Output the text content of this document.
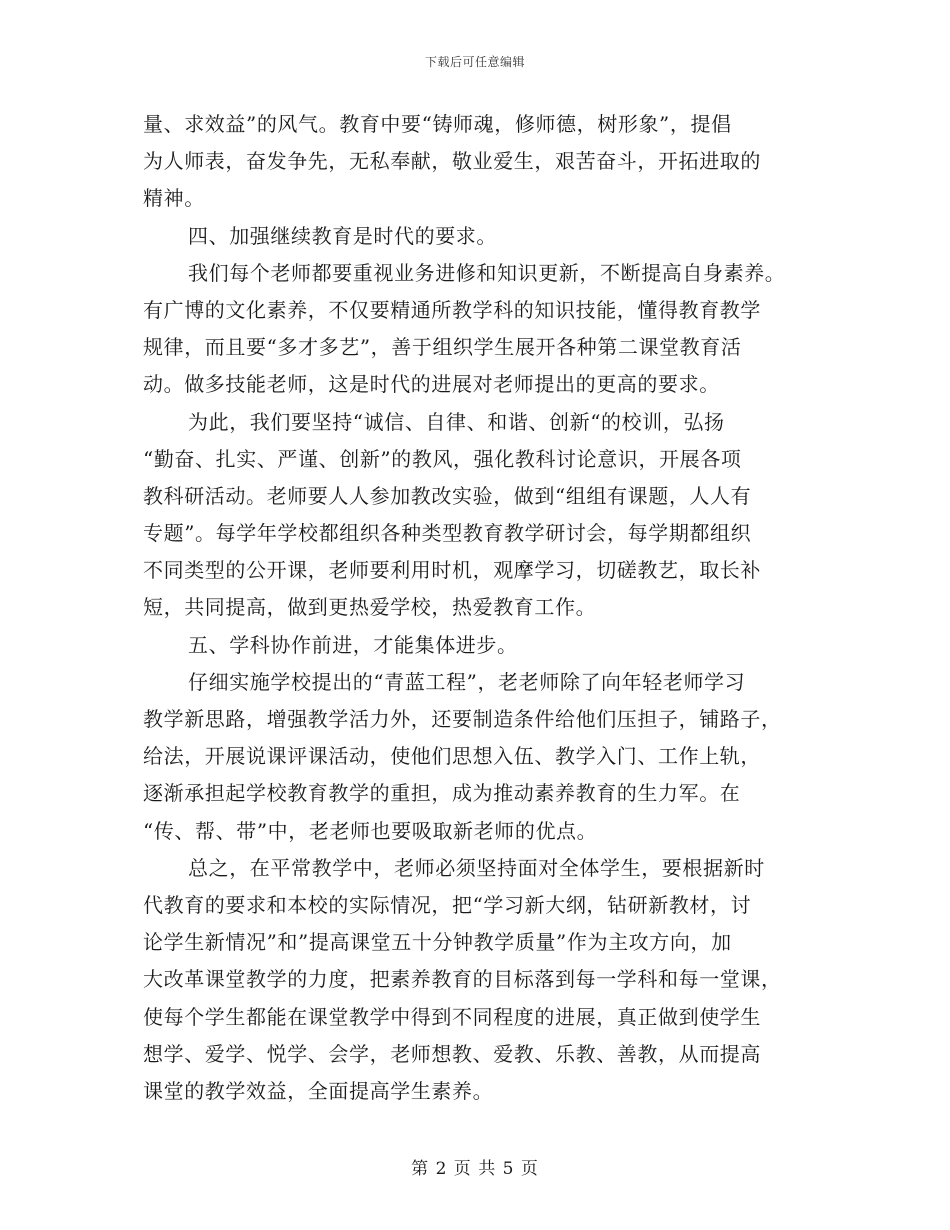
下载后可任意编辑
量、求效益”的风气。教育中要“铸师魂，修师德，树形象”，提倡
为人师表，奋发争先，无私奉献，敬业爱生，艰苦奋斗，开拓进取的
精神。
四、加强继续教育是时代的要求。
我们每个老师都要重视业务进修和知识更新，不断提高自身素养。
有广博的文化素养，不仅要精通所教学科的知识技能，懂得教育教学
规律，而且要“多才多艺”，善于组织学生展开各种第二课堂教育活
动。做多技能老师，这是时代的进展对老师提出的更高的要求。
为此，我们要坚持“诚信、自律、和谐、创新“的校训，弘扬
“勤奋、扎实、严谨、创新”的教风，强化教科讨论意识，开展各项
教科研活动。老师要人人参加教改实验，做到“组组有课题，人人有
专题”。每学年学校都组织各种类型教育教学研讨会，每学期都组织
不同类型的公开课，老师要利用时机，观摩学习，切磋教艺，取长补
短，共同提高，做到更热爱学校，热爱教育工作。
五、学科协作前进，才能集体进步。
仔细实施学校提出的“青蓝工程”，老老师除了向年轻老师学习
教学新思路，增强教学活力外，还要制造条件给他们压担子，铺路子，
给法，开展说课评课活动，使他们思想入伍、教学入门、工作上轨，
逐渐承担起学校教育教学的重担，成为推动素养教育的生力军。在
“传、帮、带”中，老老师也要吸取新老师的优点。
总之，在平常教学中，老师必须坚持面对全体学生，要根据新时
代教育的要求和本校的实际情况，把“学习新大纲，钻研新教材，讨
论学生新情况”和”提高课堂五十分钟教学质量”作为主攻方向，加
大改革课堂教学的力度，把素养教育的目标落到每一学科和每一堂课，
使每个学生都能在课堂教学中得到不同程度的进展，真正做到使学生
想学、爱学、悦学、会学，老师想教、爱教、乐教、善教，从而提高
课堂的教学效益，全面提高学生素养。
第 2 页 共 5 页
